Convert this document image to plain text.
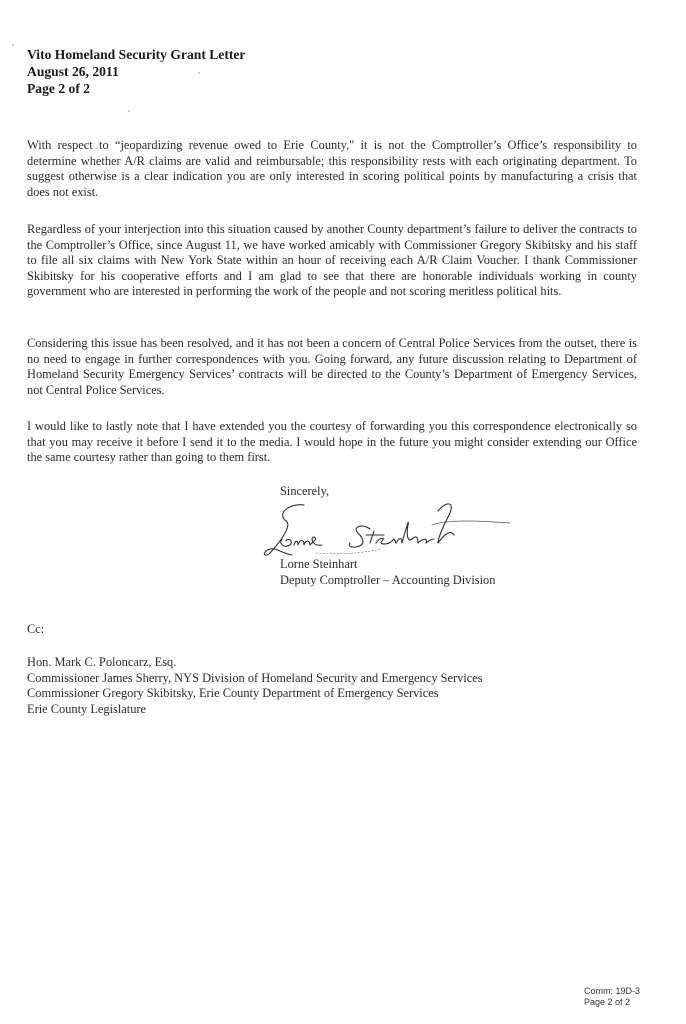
Vito Homeland Security Grant Letter
August 26, 2011
Page 2 of 2

With respect to “jeopardizing revenue owed to Erie County," it is not the Comptroller’s Office’s responsibility to determine whether A/R claims are valid and reimbursable; this responsibility rests with each originating department. To suggest otherwise is a clear indication you are only interested in scoring political points by manufacturing a crisis that does not exist.

Regardless of your interjection into this situation caused by another County department’s failure to deliver the contracts to the Comptroller’s Office, since August 11, we have worked amicably with Commissioner Gregory Skibitsky and his staff to file all six claims with New York State within an hour of receiving each A/R Claim Voucher. I thank Commissioner Skibitsky for his cooperative efforts and I am glad to see that there are honorable individuals working in county government who are interested in performing the work of the people and not scoring meritless political hits.

Considering this issue has been resolved, and it has not been a concern of Central Police Services from the outset, there is no need to engage in further correspondences with you. Going forward, any future discussion relating to Department of Homeland Security Emergency Services’ contracts will be directed to the County’s Department of Emergency Services, not Central Police Services.

I would like to lastly note that I have extended you the courtesy of forwarding you this correspondence electronically so that you may receive it before I send it to the media. I would hope in the future you might consider extending our Office the same courtesy rather than going to them first.

Sincerely,
Lorne Steinhart
Deputy Comptroller – Accounting Division
Cc:
Hon. Mark C. Poloncarz, Esq.
Commissioner James Sherry, NYS Division of Homeland Security and Emergency Services
Commissioner Gregory Skibitsky, Erie County Department of Emergency Services
Erie County Legislature
Comm: 19D-3
Page 2 of 2
